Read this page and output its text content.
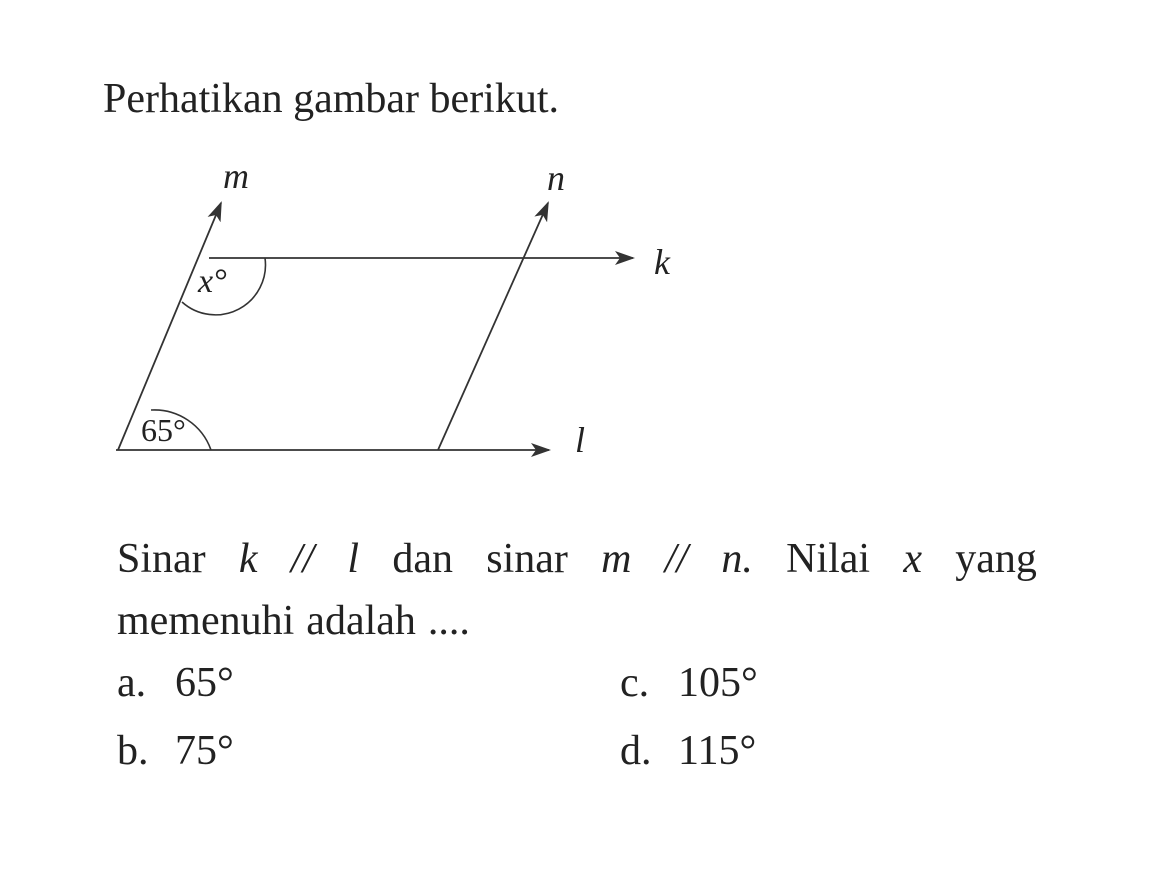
Perhatikan gambar berikut.
m	n
k
l
x°
65°
Sinar k // l dan sinar m // n. Nilai x yang
memenuhi adalah ....
a. 65°
b. 75°
c. 105°
d. 115°
